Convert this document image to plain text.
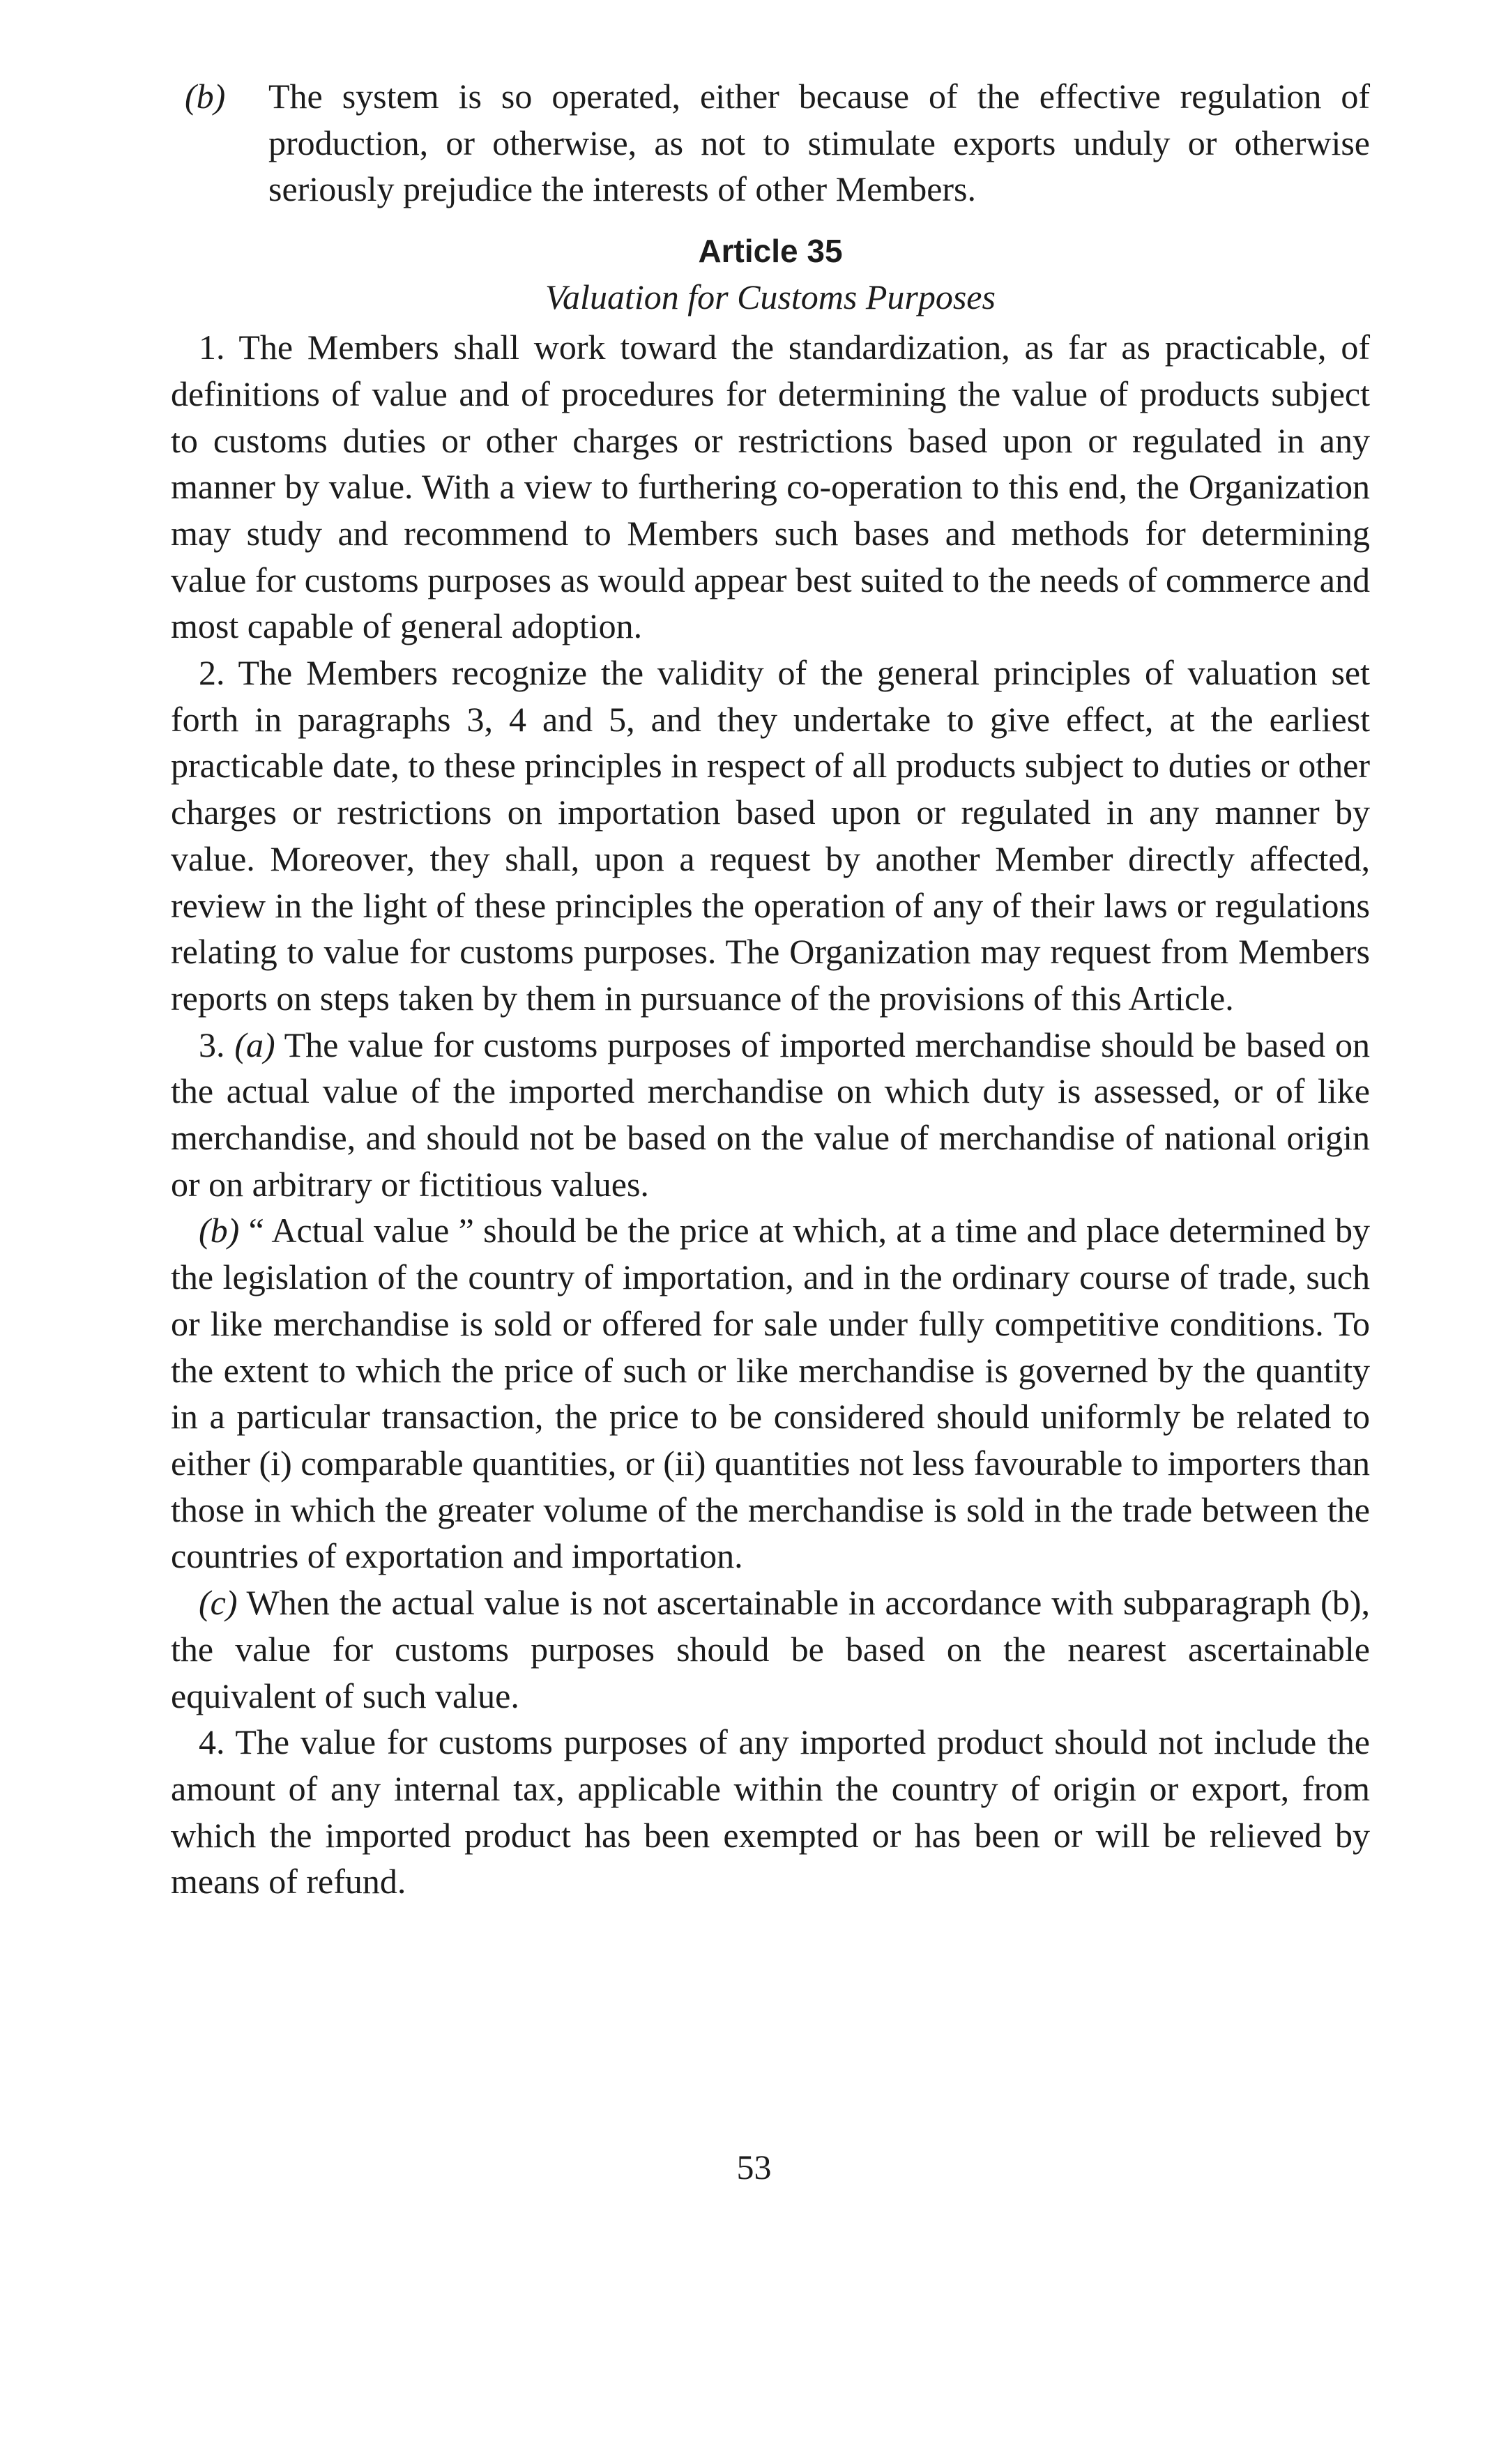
(b) The system is so operated, either because of the effective regulation of production, or otherwise, as not to stimulate exports unduly or otherwise seriously prejudice the interests of other Members.

Article 35
Valuation for Customs Purposes

1. The Members shall work toward the standardization, as far as practicable, of definitions of value and of procedures for determining the value of products subject to customs duties or other charges or restrictions based upon or regulated in any manner by value. With a view to furthering co-operation to this end, the Organization may study and recommend to Members such bases and methods for determining value for customs purposes as would appear best suited to the needs of commerce and most capable of general adoption.

2. The Members recognize the validity of the general principles of valuation set forth in paragraphs 3, 4 and 5, and they undertake to give effect, at the earliest practicable date, to these principles in respect of all products subject to duties or other charges or restrictions on importation based upon or regulated in any manner by value. Moreover, they shall, upon a request by another Member directly affected, review in the light of these principles the operation of any of their laws or regulations relating to value for customs purposes. The Organization may request from Members reports on steps taken by them in pursuance of the provisions of this Article.

3. (a) The value for customs purposes of imported merchandise should be based on the actual value of the imported merchandise on which duty is assessed, or of like merchandise, and should not be based on the value of merchandise of national origin or on arbitrary or fictitious values.

(b) “ Actual value ” should be the price at which, at a time and place determined by the legislation of the country of importation, and in the ordinary course of trade, such or like merchandise is sold or offered for sale under fully competitive conditions. To the extent to which the price of such or like merchandise is governed by the quantity in a particular transaction, the price to be considered should uniformly be related to either (i) comparable quantities, or (ii) quantities not less favourable to importers than those in which the greater volume of the merchandise is sold in the trade between the countries of exportation and importation.

(c) When the actual value is not ascertainable in accordance with subparagraph (b), the value for customs purposes should be based on the nearest ascertainable equivalent of such value.

4. The value for customs purposes of any imported product should not include the amount of any internal tax, applicable within the country of origin or export, from which the imported product has been exempted or has been or will be relieved by means of refund.

53
